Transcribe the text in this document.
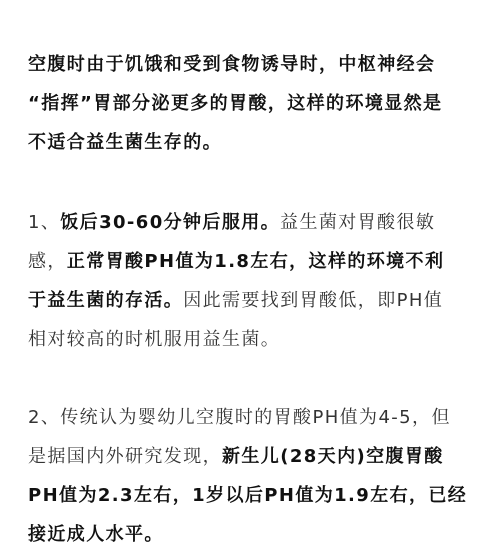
空腹时由于饥饿和受到食物诱导时，中枢神经会
“指挥”胃部分泌更多的胃酸，这样的环境显然是
不适合益生菌生存的。

1、饭后30-60分钟后服用。益生菌对胃酸很敏
感，正常胃酸PH值为1.8左右，这样的环境不利
于益生菌的存活。因此需要找到胃酸低，即PH值
相对较高的时机服用益生菌。

2、传统认为婴幼儿空腹时的胃酸PH值为4-5，但
是据国内外研究发现，新生儿(28天内)空腹胃酸
PH值为2.3左右，1岁以后PH值为1.9左右，已经
接近成人水平。
